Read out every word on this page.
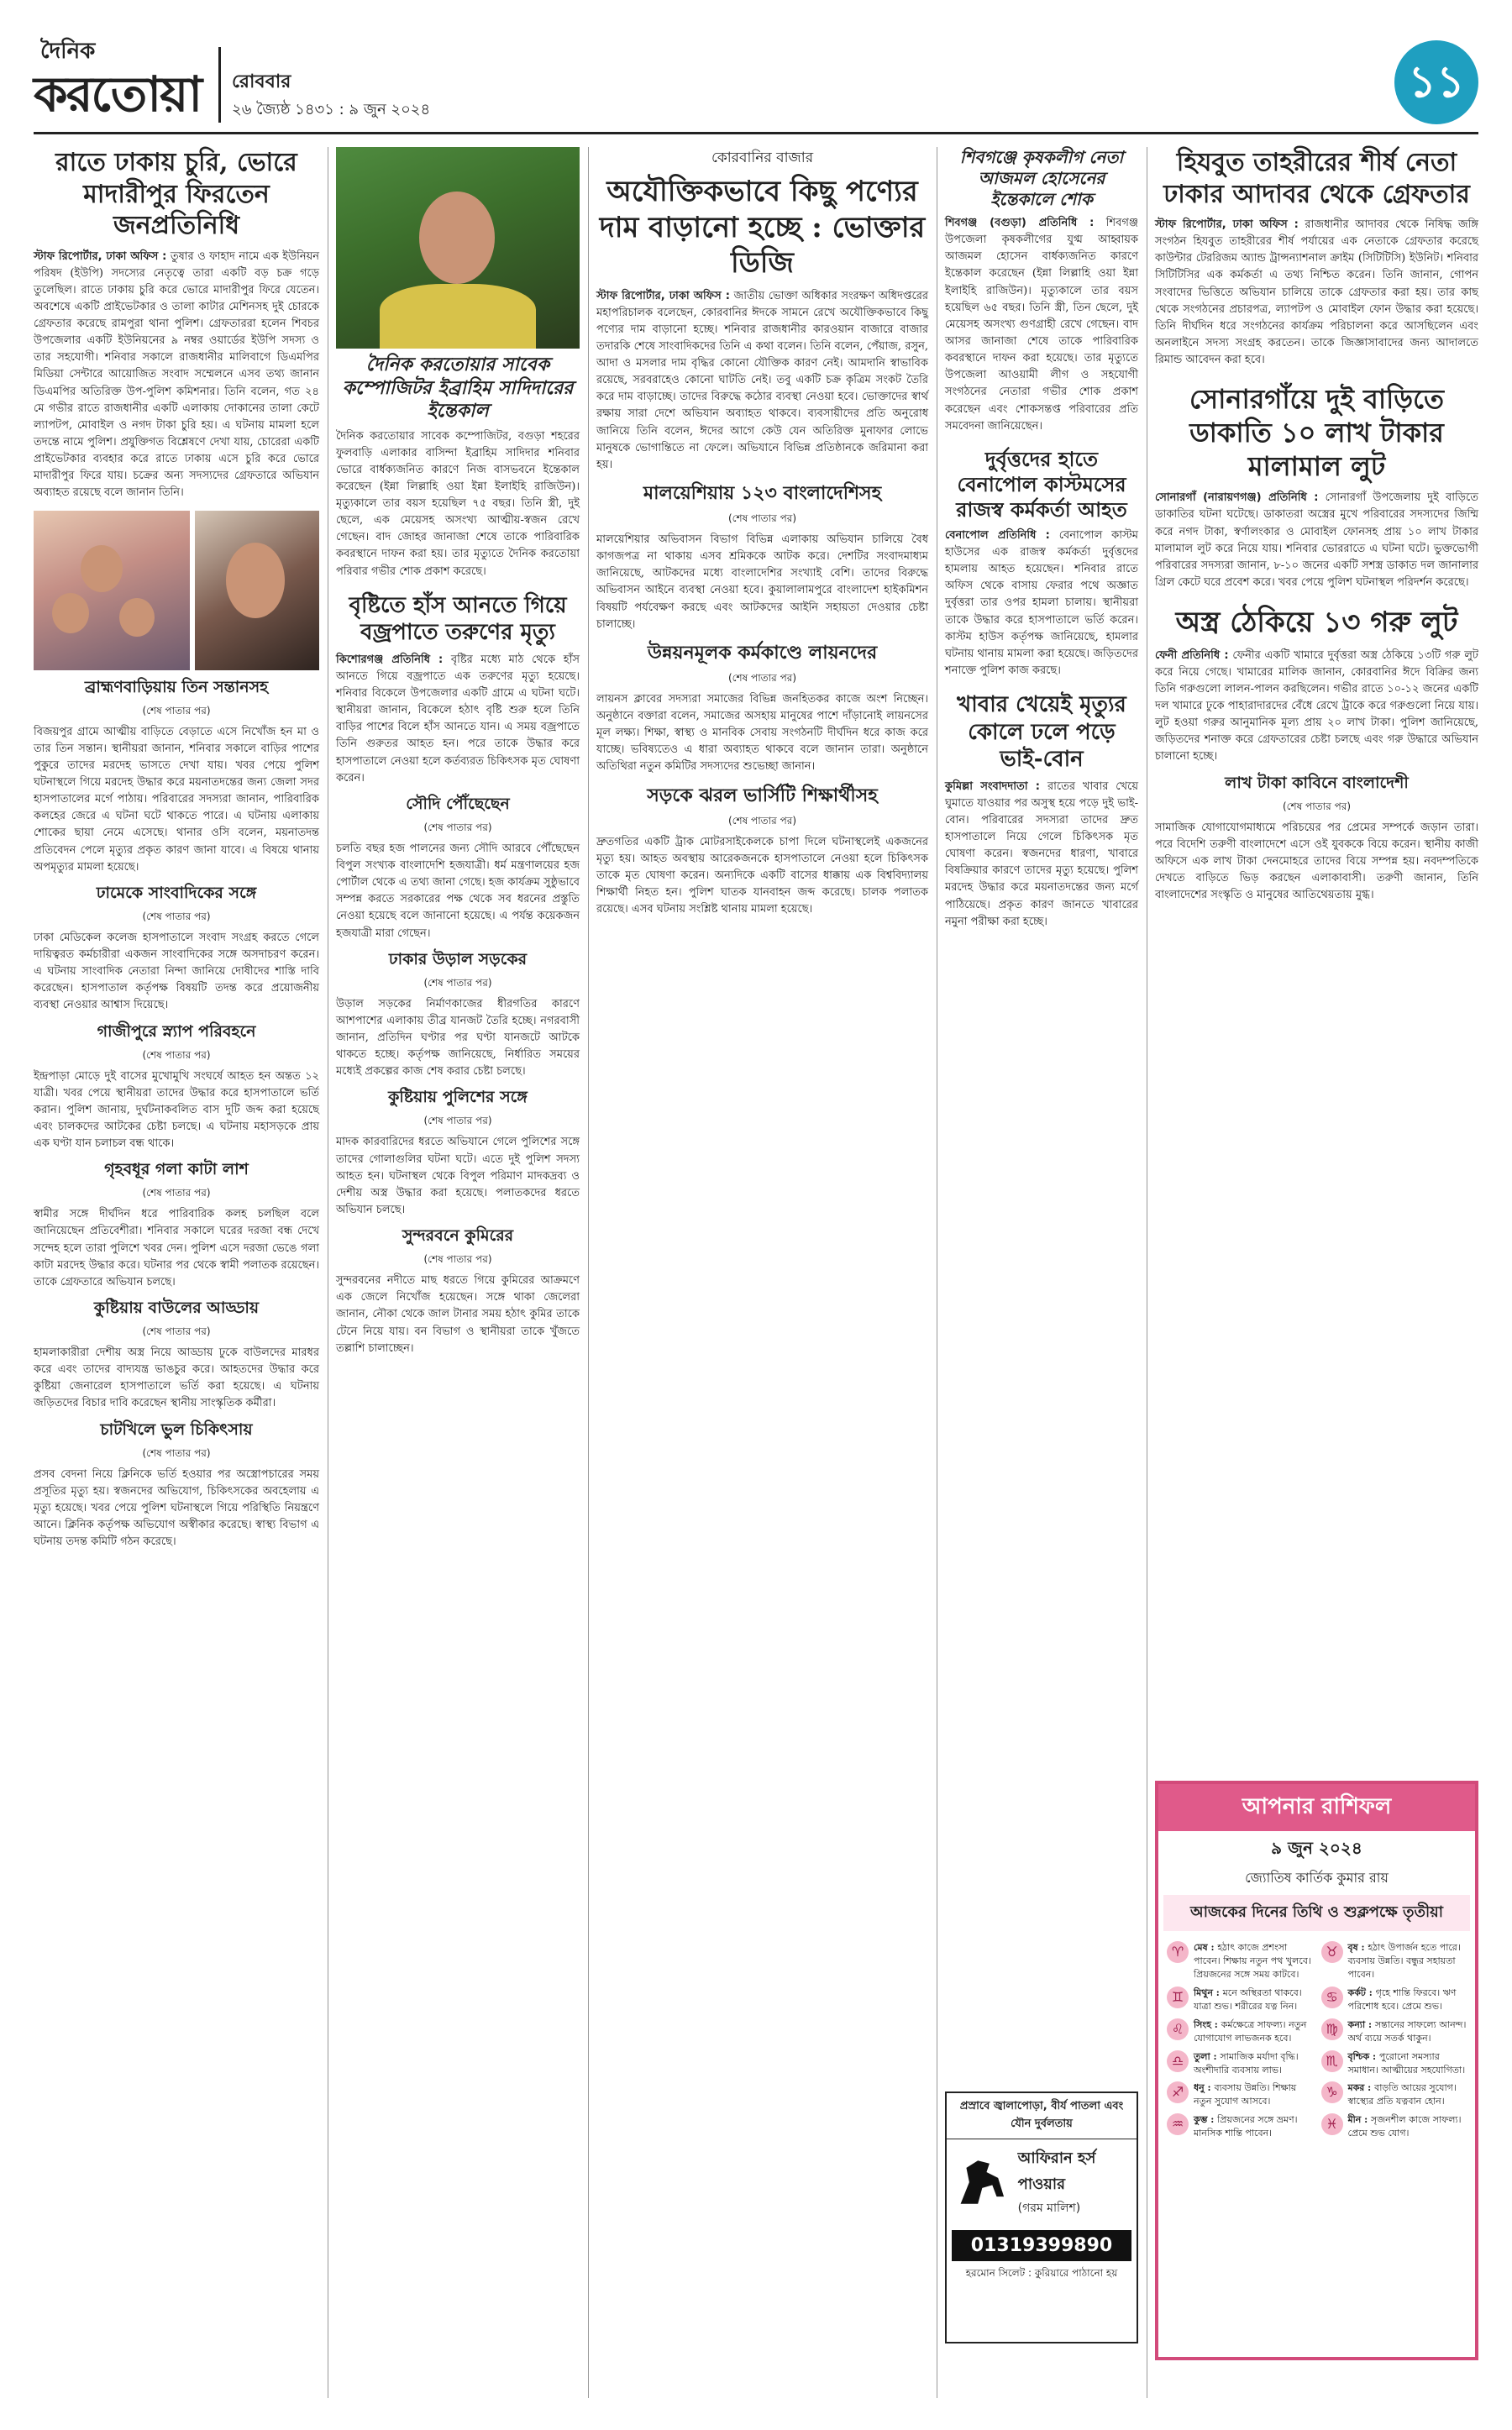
দৈনিক
করতোয়া রোববার
২৬ জ্যৈষ্ঠ ১৪৩১ : ৯ জুন ২০২৪
১১
রাতে ঢাকায় চুরি, ভোরে মাদারীপুর ফিরতেন জনপ্রতিনিধি
স্টাফ রিপোর্টার, ঢাকা অফিস : তুষার ও ফাহাদ নামে এক ইউনিয়ন পরিষদ (ইউপি) সদস্যের নেতৃত্বে তারা একটি বড় চক্র গড়ে তুলেছিল। রাতে ঢাকায় চুরি করে ভোরে মাদারীপুর ফিরে যেতেন। অবশেষে একটি প্রাইভেটকার ও তালা কাটার মেশিনসহ দুই চোরকে গ্রেফতার করেছে রামপুরা থানা পুলিশ। গ্রেফতাররা হলেন শিবচর উপজেলার একটি ইউনিয়নের ৯ নম্বর ওয়ার্ডের ইউপি সদস্য ও তার সহযোগী। শনিবার সকালে রাজধানীর মালিবাগে ডিএমপির মিডিয়া সেন্টারে আয়োজিত সংবাদ সম্মেলনে এসব তথ্য জানান ডিএমপির অতিরিক্ত উপ-পুলিশ কমিশনার। তিনি বলেন, গত ২৪ মে গভীর রাতে রাজধানীর একটি এলাকায় দোকানের তালা কেটে ল্যাপটপ, মোবাইল ও নগদ টাকা চুরি হয়। এ ঘটনায় মামলা হলে তদন্তে নামে পুলিশ। প্রযুক্তিগত বিশ্লেষণে দেখা যায়, চোরেরা একটি প্রাইভেটকার ব্যবহার করে রাতে ঢাকায় এসে চুরি করে ভোরে মাদারীপুর ফিরে যায়। চক্রের অন্য সদস্যদের গ্রেফতারে অভিযান অব্যাহত রয়েছে বলে জানান তিনি।
ব্রাহ্মণবাড়িয়ায় তিন সন্তানসহ
(শেষ পাতার পর)
বিজয়পুর গ্রামে আত্মীয় বাড়িতে বেড়াতে এসে নিখোঁজ হন মা ও তার তিন সন্তান। স্থানীয়রা জানান, শনিবার সকালে বাড়ির পাশের পুকুরে তাদের মরদেহ ভাসতে দেখা যায়। খবর পেয়ে পুলিশ ঘটনাস্থলে গিয়ে মরদেহ উদ্ধার করে ময়নাতদন্তের জন্য জেলা সদর হাসপাতালের মর্গে পাঠায়। পরিবারের সদস্যরা জানান, পারিবারিক কলহের জেরে এ ঘটনা ঘটে থাকতে পারে। এ ঘটনায় এলাকায় শোকের ছায়া নেমে এসেছে। থানার ওসি বলেন, ময়নাতদন্ত প্রতিবেদন পেলে মৃত্যুর প্রকৃত কারণ জানা যাবে। এ বিষয়ে থানায় অপমৃত্যুর মামলা হয়েছে।
ঢামেকে সাংবাদিকের সঙ্গে
(শেষ পাতার পর)
ঢাকা মেডিকেল কলেজ হাসপাতালে সংবাদ সংগ্রহ করতে গেলে দায়িত্বরত কর্মচারীরা একজন সাংবাদিকের সঙ্গে অসদাচরণ করেন। এ ঘটনায় সাংবাদিক নেতারা নিন্দা জানিয়ে দোষীদের শাস্তি দাবি করেছেন। হাসপাতাল কর্তৃপক্ষ বিষয়টি তদন্ত করে প্রয়োজনীয় ব্যবস্থা নেওয়ার আশ্বাস দিয়েছে।
গাজীপুরে স্ন্যাপ পরিবহনে
(শেষ পাতার পর)
ইন্দ্রপাড়া মোড়ে দুই বাসের মুখোমুখি সংঘর্ষে আহত হন অন্তত ১২ যাত্রী। খবর পেয়ে স্থানীয়রা তাদের উদ্ধার করে হাসপাতালে ভর্তি করান। পুলিশ জানায়, দুর্ঘটনাকবলিত বাস দুটি জব্দ করা হয়েছে এবং চালকদের আটকের চেষ্টা চলছে। এ ঘটনায় মহাসড়কে প্রায় এক ঘণ্টা যান চলাচল বন্ধ থাকে।
গৃহবধূর গলা কাটা লাশ
(শেষ পাতার পর)
স্বামীর সঙ্গে দীর্ঘদিন ধরে পারিবারিক কলহ চলছিল বলে জানিয়েছেন প্রতিবেশীরা। শনিবার সকালে ঘরের দরজা বন্ধ দেখে সন্দেহ হলে তারা পুলিশে খবর দেন। পুলিশ এসে দরজা ভেঙে গলা কাটা মরদেহ উদ্ধার করে। ঘটনার পর থেকে স্বামী পলাতক রয়েছেন। তাকে গ্রেফতারে অভিযান চলছে।
কুষ্টিয়ায় বাউলের আড্ডায়
(শেষ পাতার পর)
হামলাকারীরা দেশীয় অস্ত্র নিয়ে আড্ডায় ঢুকে বাউলদের মারধর করে এবং তাদের বাদ্যযন্ত্র ভাঙচুর করে। আহতদের উদ্ধার করে কুষ্টিয়া জেনারেল হাসপাতালে ভর্তি করা হয়েছে। এ ঘটনায় জড়িতদের বিচার দাবি করেছেন স্থানীয় সাংস্কৃতিক কর্মীরা।
চাটখিলে ভুল চিকিৎসায়
(শেষ পাতার পর)
প্রসব বেদনা নিয়ে ক্লিনিকে ভর্তি হওয়ার পর অস্ত্রোপচারের সময় প্রসূতির মৃত্যু হয়। স্বজনদের অভিযোগ, চিকিৎসকের অবহেলায় এ মৃত্যু হয়েছে। খবর পেয়ে পুলিশ ঘটনাস্থলে গিয়ে পরিস্থিতি নিয়ন্ত্রণে আনে। ক্লিনিক কর্তৃপক্ষ অভিযোগ অস্বীকার করেছে। স্বাস্থ্য বিভাগ এ ঘটনায় তদন্ত কমিটি গঠন করেছে।
দৈনিক করতোয়ার সাবেক কম্পোজিটর ইব্রাহিম সাদিদারের ইন্তেকাল
দৈনিক করতোয়ার সাবেক কম্পোজিটর, বগুড়া শহরের ফুলবাড়ি এলাকার বাসিন্দা ইব্রাহিম সাদিদার শনিবার ভোরে বার্ধক্যজনিত কারণে নিজ বাসভবনে ইন্তেকাল করেছেন (ইন্না লিল্লাহি ওয়া ইন্না ইলাইহি রাজিউন)। মৃত্যুকালে তার বয়স হয়েছিল ৭৫ বছর। তিনি স্ত্রী, দুই ছেলে, এক মেয়েসহ অসংখ্য আত্মীয়-স্বজন রেখে গেছেন। বাদ জোহর জানাজা শেষে তাকে পারিবারিক কবরস্থানে দাফন করা হয়। তার মৃত্যুতে দৈনিক করতোয়া পরিবার গভীর শোক প্রকাশ করেছে।
বৃষ্টিতে হাঁস আনতে গিয়ে বজ্রপাতে তরুণের মৃত্যু
কিশোরগঞ্জ প্রতিনিধি : বৃষ্টির মধ্যে মাঠ থেকে হাঁস আনতে গিয়ে বজ্রপাতে এক তরুণের মৃত্যু হয়েছে। শনিবার বিকেলে উপজেলার একটি গ্রামে এ ঘটনা ঘটে। স্থানীয়রা জানান, বিকেলে হঠাৎ বৃষ্টি শুরু হলে তিনি বাড়ির পাশের বিলে হাঁস আনতে যান। এ সময় বজ্রপাতে তিনি গুরুতর আহত হন। পরে তাকে উদ্ধার করে হাসপাতালে নেওয়া হলে কর্তব্যরত চিকিৎসক মৃত ঘোষণা করেন।
সৌদি পৌঁছেছেন
(শেষ পাতার পর)
চলতি বছর হজ পালনের জন্য সৌদি আরবে পৌঁছেছেন বিপুল সংখ্যক বাংলাদেশি হজযাত্রী। ধর্ম মন্ত্রণালয়ের হজ পোর্টাল থেকে এ তথ্য জানা গেছে। হজ কার্যক্রম সুষ্ঠুভাবে সম্পন্ন করতে সরকারের পক্ষ থেকে সব ধরনের প্রস্তুতি নেওয়া হয়েছে বলে জানানো হয়েছে। এ পর্যন্ত কয়েকজন হজযাত্রী মারা গেছেন।
ঢাকার উড়াল সড়কের
(শেষ পাতার পর)
উড়াল সড়কের নির্মাণকাজের ধীরগতির কারণে আশপাশের এলাকায় তীব্র যানজট তৈরি হচ্ছে। নগরবাসী জানান, প্রতিদিন ঘণ্টার পর ঘণ্টা যানজটে আটকে থাকতে হচ্ছে। কর্তৃপক্ষ জানিয়েছে, নির্ধারিত সময়ের মধ্যেই প্রকল্পের কাজ শেষ করার চেষ্টা চলছে।
কুষ্টিয়ায় পুলিশের সঙ্গে
(শেষ পাতার পর)
মাদক কারবারিদের ধরতে অভিযানে গেলে পুলিশের সঙ্গে তাদের গোলাগুলির ঘটনা ঘটে। এতে দুই পুলিশ সদস্য আহত হন। ঘটনাস্থল থেকে বিপুল পরিমাণ মাদকদ্রব্য ও দেশীয় অস্ত্র উদ্ধার করা হয়েছে। পলাতকদের ধরতে অভিযান চলছে।
সুন্দরবনে কুমিরের
(শেষ পাতার পর)
সুন্দরবনের নদীতে মাছ ধরতে গিয়ে কুমিরের আক্রমণে এক জেলে নিখোঁজ হয়েছেন। সঙ্গে থাকা জেলেরা জানান, নৌকা থেকে জাল টানার সময় হঠাৎ কুমির তাকে টেনে নিয়ে যায়। বন বিভাগ ও স্থানীয়রা তাকে খুঁজতে তল্লাশি চালাচ্ছেন।
কোরবানির বাজার
অযৌক্তিকভাবে কিছু পণ্যের দাম বাড়ানো হচ্ছে : ভোক্তার ডিজি
স্টাফ রিপোর্টার, ঢাকা অফিস : জাতীয় ভোক্তা অধিকার সংরক্ষণ অধিদপ্তরের মহাপরিচালক বলেছেন, কোরবানির ঈদকে সামনে রেখে অযৌক্তিকভাবে কিছু পণ্যের দাম বাড়ানো হচ্ছে। শনিবার রাজধানীর কারওয়ান বাজারে বাজার তদারকি শেষে সাংবাদিকদের তিনি এ কথা বলেন। তিনি বলেন, পেঁয়াজ, রসুন, আদা ও মসলার দাম বৃদ্ধির কোনো যৌক্তিক কারণ নেই। আমদানি স্বাভাবিক রয়েছে, সরবরাহেও কোনো ঘাটতি নেই। তবু একটি চক্র কৃত্রিম সংকট তৈরি করে দাম বাড়াচ্ছে। তাদের বিরুদ্ধে কঠোর ব্যবস্থা নেওয়া হবে। ভোক্তাদের স্বার্থ রক্ষায় সারা দেশে অভিযান অব্যাহত থাকবে। ব্যবসায়ীদের প্রতি অনুরোধ জানিয়ে তিনি বলেন, ঈদের আগে কেউ যেন অতিরিক্ত মুনাফার লোভে মানুষকে ভোগান্তিতে না ফেলে। অভিযানে বিভিন্ন প্রতিষ্ঠানকে জরিমানা করা হয়।
মালয়েশিয়ায় ১২৩ বাংলাদেশিসহ
(শেষ পাতার পর)
মালয়েশিয়ার অভিবাসন বিভাগ বিভিন্ন এলাকায় অভিযান চালিয়ে বৈধ কাগজপত্র না থাকায় এসব শ্রমিককে আটক করে। দেশটির সংবাদমাধ্যম জানিয়েছে, আটকদের মধ্যে বাংলাদেশির সংখ্যাই বেশি। তাদের বিরুদ্ধে অভিবাসন আইনে ব্যবস্থা নেওয়া হবে। কুয়ালালামপুরে বাংলাদেশ হাইকমিশন বিষয়টি পর্যবেক্ষণ করছে এবং আটকদের আইনি সহায়তা দেওয়ার চেষ্টা চালাচ্ছে।
উন্নয়নমূলক কর্মকাণ্ডে লায়নদের
(শেষ পাতার পর)
লায়নস ক্লাবের সদস্যরা সমাজের বিভিন্ন জনহিতকর কাজে অংশ নিচ্ছেন। অনুষ্ঠানে বক্তারা বলেন, সমাজের অসহায় মানুষের পাশে দাঁড়ানোই লায়নসের মূল লক্ষ্য। শিক্ষা, স্বাস্থ্য ও মানবিক সেবায় সংগঠনটি দীর্ঘদিন ধরে কাজ করে যাচ্ছে। ভবিষ্যতেও এ ধারা অব্যাহত থাকবে বলে জানান তারা। অনুষ্ঠানে অতিথিরা নতুন কমিটির সদস্যদের শুভেচ্ছা জানান।
সড়কে ঝরল ভার্সিটি শিক্ষার্থীসহ
(শেষ পাতার পর)
দ্রুতগতির একটি ট্রাক মোটরসাইকেলকে চাপা দিলে ঘটনাস্থলেই একজনের মৃত্যু হয়। আহত অবস্থায় আরেকজনকে হাসপাতালে নেওয়া হলে চিকিৎসক তাকে মৃত ঘোষণা করেন। অন্যদিকে একটি বাসের ধাক্কায় এক বিশ্ববিদ্যালয় শিক্ষার্থী নিহত হন। পুলিশ ঘাতক যানবাহন জব্দ করেছে। চালক পলাতক রয়েছে। এসব ঘটনায় সংশ্লিষ্ট থানায় মামলা হয়েছে।
শিবগঞ্জে কৃষকলীগ নেতা আজমল হোসেনের ইন্তেকালে শোক
শিবগঞ্জ (বগুড়া) প্রতিনিধি : শিবগঞ্জ উপজেলা কৃষকলীগের যুগ্ম আহ্বায়ক আজমল হোসেন বার্ধক্যজনিত কারণে ইন্তেকাল করেছেন (ইন্না লিল্লাহি ওয়া ইন্না ইলাইহি রাজিউন)। মৃত্যুকালে তার বয়স হয়েছিল ৬৫ বছর। তিনি স্ত্রী, তিন ছেলে, দুই মেয়েসহ অসংখ্য গুণগ্রাহী রেখে গেছেন। বাদ আসর জানাজা শেষে তাকে পারিবারিক কবরস্থানে দাফন করা হয়েছে। তার মৃত্যুতে উপজেলা আওয়ামী লীগ ও সহযোগী সংগঠনের নেতারা গভীর শোক প্রকাশ করেছেন এবং শোকসন্তপ্ত পরিবারের প্রতি সমবেদনা জানিয়েছেন।
দুর্বৃত্তদের হাতে বেনাপোল কাস্টমসের রাজস্ব কর্মকর্তা আহত
বেনাপোল প্রতিনিধি : বেনাপোল কাস্টম হাউসের এক রাজস্ব কর্মকর্তা দুর্বৃত্তদের হামলায় আহত হয়েছেন। শনিবার রাতে অফিস থেকে বাসায় ফেরার পথে অজ্ঞাত দুর্বৃত্তরা তার ওপর হামলা চালায়। স্থানীয়রা তাকে উদ্ধার করে হাসপাতালে ভর্তি করেন। কাস্টম হাউস কর্তৃপক্ষ জানিয়েছে, হামলার ঘটনায় থানায় মামলা করা হয়েছে। জড়িতদের শনাক্তে পুলিশ কাজ করছে।
খাবার খেয়েই মৃত্যুর কোলে ঢলে পড়ে ভাই-বোন
কুমিল্লা সংবাদদাতা : রাতের খাবার খেয়ে ঘুমাতে যাওয়ার পর অসুস্থ হয়ে পড়ে দুই ভাই-বোন। পরিবারের সদস্যরা তাদের দ্রুত হাসপাতালে নিয়ে গেলে চিকিৎসক মৃত ঘোষণা করেন। স্বজনদের ধারণা, খাবারে বিষক্রিয়ার কারণে তাদের মৃত্যু হয়েছে। পুলিশ মরদেহ উদ্ধার করে ময়নাতদন্তের জন্য মর্গে পাঠিয়েছে। প্রকৃত কারণ জানতে খাবারের নমুনা পরীক্ষা করা হচ্ছে।
প্রস্রাবে জ্বালাপোড়া, বীর্য পাতলা এবং যৌন দুর্বলতায়
আফিরান হর্স পাওয়ার
(গরম মালিশ)
01319399890
হরমোন সিলেট : কুরিয়ারে পাঠানো হয়
হিযবুত তাহরীরের শীর্ষ নেতা ঢাকার আদাবর থেকে গ্রেফতার
স্টাফ রিপোর্টার, ঢাকা অফিস : রাজধানীর আদাবর থেকে নিষিদ্ধ জঙ্গি সংগঠন হিযবুত তাহরীরের শীর্ষ পর্যায়ের এক নেতাকে গ্রেফতার করেছে কাউন্টার টেররিজম অ্যান্ড ট্রান্সন্যাশনাল ক্রাইম (সিটিটিসি) ইউনিট। শনিবার সিটিটিসির এক কর্মকর্তা এ তথ্য নিশ্চিত করেন। তিনি জানান, গোপন সংবাদের ভিত্তিতে অভিযান চালিয়ে তাকে গ্রেফতার করা হয়। তার কাছ থেকে সংগঠনের প্রচারপত্র, ল্যাপটপ ও মোবাইল ফোন উদ্ধার করা হয়েছে। তিনি দীর্ঘদিন ধরে সংগঠনের কার্যক্রম পরিচালনা করে আসছিলেন এবং অনলাইনে সদস্য সংগ্রহ করতেন। তাকে জিজ্ঞাসাবাদের জন্য আদালতে রিমান্ড আবেদন করা হবে।
সোনারগাঁয়ে দুই বাড়িতে ডাকাতি ১০ লাখ টাকার মালামাল লুট
সোনারগাঁ (নারায়ণগঞ্জ) প্রতিনিধি : সোনারগাঁ উপজেলায় দুই বাড়িতে ডাকাতির ঘটনা ঘটেছে। ডাকাতরা অস্ত্রের মুখে পরিবারের সদস্যদের জিম্মি করে নগদ টাকা, স্বর্ণালংকার ও মোবাইল ফোনসহ প্রায় ১০ লাখ টাকার মালামাল লুট করে নিয়ে যায়। শনিবার ভোররাতে এ ঘটনা ঘটে। ভুক্তভোগী পরিবারের সদস্যরা জানান, ৮-১০ জনের একটি সশস্ত্র ডাকাত দল জানালার গ্রিল কেটে ঘরে প্রবেশ করে। খবর পেয়ে পুলিশ ঘটনাস্থল পরিদর্শন করেছে।
অস্ত্র ঠেকিয়ে ১৩ গরু লুট
ফেনী প্রতিনিধি : ফেনীর একটি খামারে দুর্বৃত্তরা অস্ত্র ঠেকিয়ে ১৩টি গরু লুট করে নিয়ে গেছে। খামারের মালিক জানান, কোরবানির ঈদে বিক্রির জন্য তিনি গরুগুলো লালন-পালন করছিলেন। গভীর রাতে ১০-১২ জনের একটি দল খামারে ঢুকে পাহারাদারদের বেঁধে রেখে ট্রাকে করে গরুগুলো নিয়ে যায়। লুট হওয়া গরুর আনুমানিক মূল্য প্রায় ২০ লাখ টাকা। পুলিশ জানিয়েছে, জড়িতদের শনাক্ত করে গ্রেফতারের চেষ্টা চলছে এবং গরু উদ্ধারে অভিযান চালানো হচ্ছে।
লাখ টাকা কাবিনে বাংলাদেশী
(শেষ পাতার পর)
সামাজিক যোগাযোগমাধ্যমে পরিচয়ের পর প্রেমের সম্পর্কে জড়ান তারা। পরে বিদেশি তরুণী বাংলাদেশে এসে ওই যুবককে বিয়ে করেন। স্থানীয় কাজী অফিসে এক লাখ টাকা দেনমোহরে তাদের বিয়ে সম্পন্ন হয়। নবদম্পতিকে দেখতে বাড়িতে ভিড় করছেন এলাকাবাসী। তরুণী জানান, তিনি বাংলাদেশের সংস্কৃতি ও মানুষের আতিথেয়তায় মুগ্ধ।
আপনার রাশিফল
৯ জুন ২০২৪
জ্যোতিষ কার্তিক কুমার রায়
আজকের দিনের তিথি ও শুক্লপক্ষে তৃতীয়া
♈	মেষ : হঠাৎ কাজে প্রশংসা পাবেন। শিক্ষায় নতুন পথ খুলবে। প্রিয়জনের সঙ্গে সময় কাটবে।
♉	বৃষ : হঠাৎ উপার্জন হতে পারে। ব্যবসায় উন্নতি। বন্ধুর সহায়তা পাবেন।
♊	মিথুন : মনে অস্থিরতা থাকবে। যাত্রা শুভ। শরীরের যত্ন নিন।
♋	কর্কট : গৃহে শান্তি ফিরবে। ঋণ পরিশোধ হবে। প্রেমে শুভ।
♌	সিংহ : কর্মক্ষেত্রে সাফল্য। নতুন যোগাযোগ লাভজনক হবে।
♍	কন্যা : সন্তানের সাফল্যে আনন্দ। অর্থ ব্যয়ে সতর্ক থাকুন।
♎	তুলা : সামাজিক মর্যাদা বৃদ্ধি। অংশীদারি ব্যবসায় লাভ।
♏	বৃশ্চিক : পুরোনো সমস্যার সমাধান। আত্মীয়ের সহযোগিতা।
♐	ধনু : ব্যবসায় উন্নতি। শিক্ষায় নতুন সুযোগ আসবে।
♑	মকর : বাড়তি আয়ের সুযোগ। স্বাস্থ্যের প্রতি যত্নবান হোন।
♒	কুম্ভ : প্রিয়জনের সঙ্গে ভ্রমণ। মানসিক শান্তি পাবেন।
♓	মীন : সৃজনশীল কাজে সাফল্য। প্রেমে শুভ যোগ।
